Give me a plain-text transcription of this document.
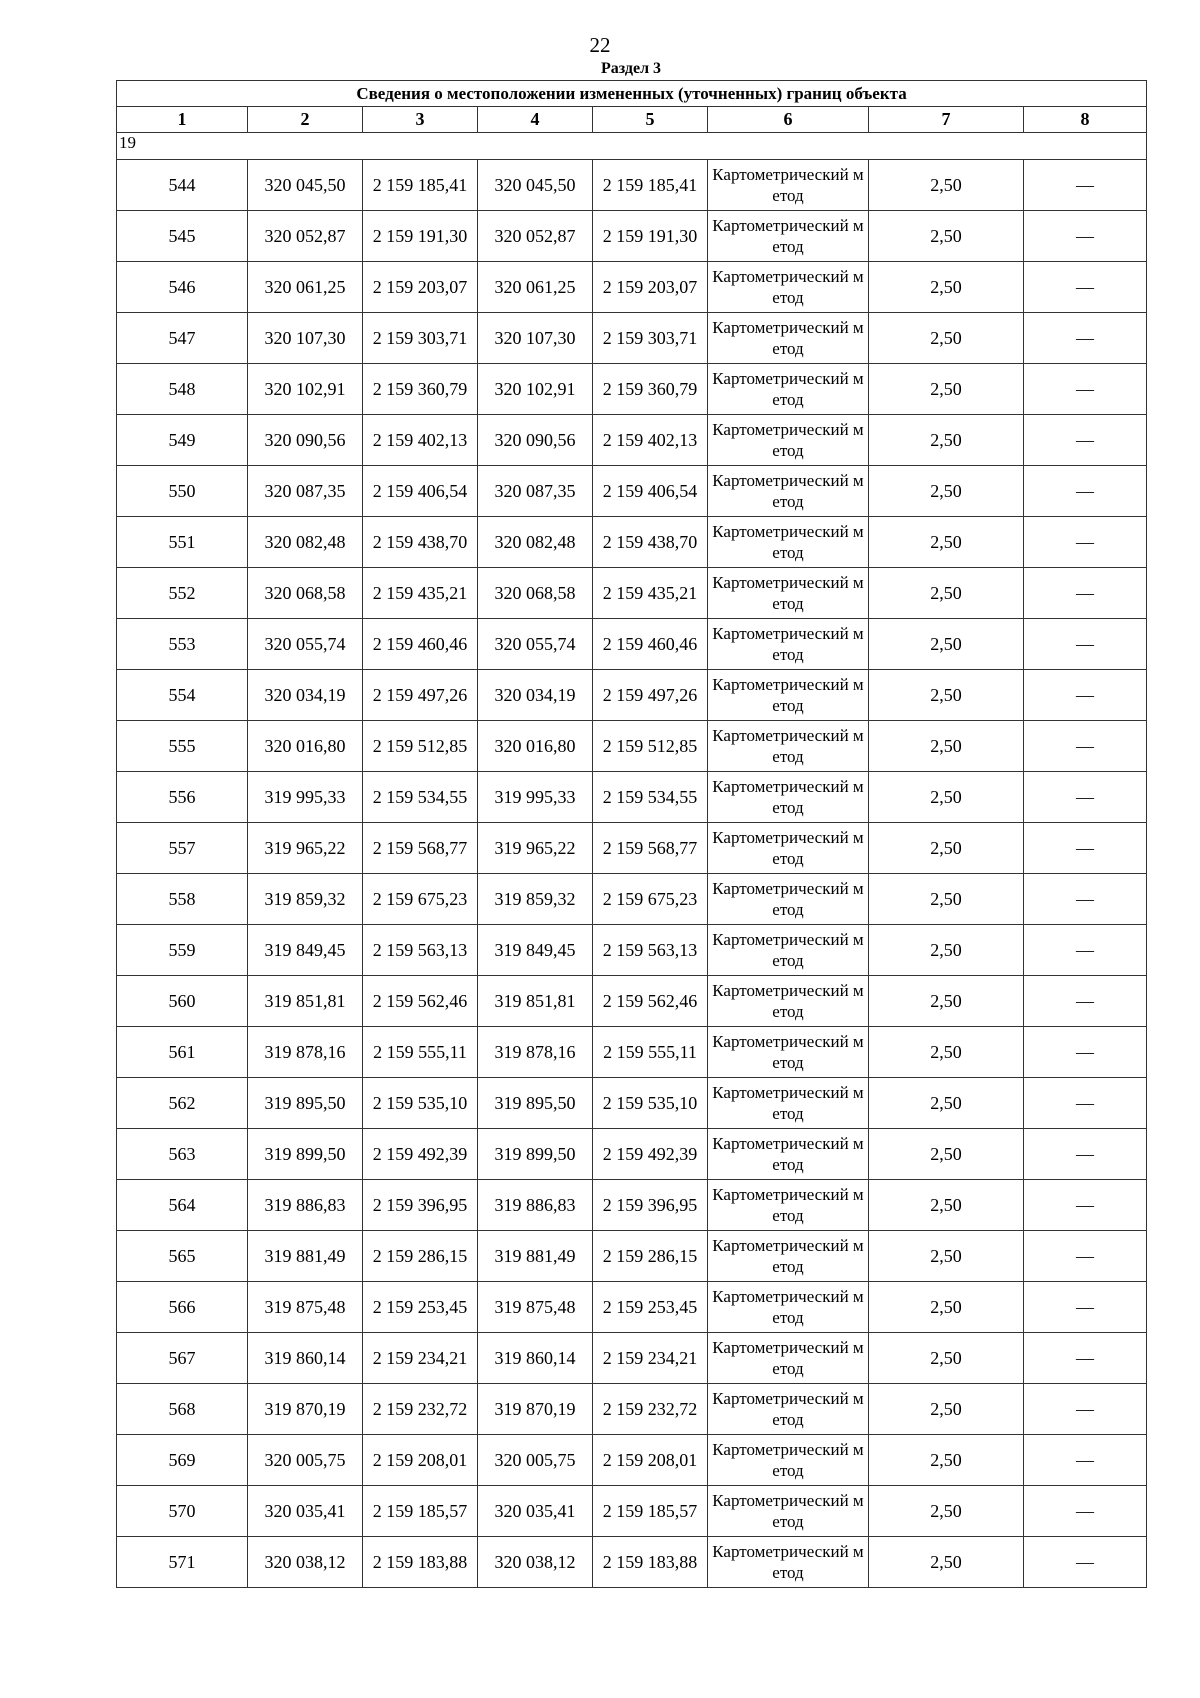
22
Раздел 3
Сведения о местоположении измененных (уточненных) границ объекта							
1	2	3	4	5	6	7	8
19							
544	320 045,50	2 159 185,41	320 045,50	2 159 185,41	Картометрический метод	2,50	—
545	320 052,87	2 159 191,30	320 052,87	2 159 191,30	Картометрический метод	2,50	—
546	320 061,25	2 159 203,07	320 061,25	2 159 203,07	Картометрический метод	2,50	—
547	320 107,30	2 159 303,71	320 107,30	2 159 303,71	Картометрический метод	2,50	—
548	320 102,91	2 159 360,79	320 102,91	2 159 360,79	Картометрический метод	2,50	—
549	320 090,56	2 159 402,13	320 090,56	2 159 402,13	Картометрический метод	2,50	—
550	320 087,35	2 159 406,54	320 087,35	2 159 406,54	Картометрический метод	2,50	—
551	320 082,48	2 159 438,70	320 082,48	2 159 438,70	Картометрический метод	2,50	—
552	320 068,58	2 159 435,21	320 068,58	2 159 435,21	Картометрический метод	2,50	—
553	320 055,74	2 159 460,46	320 055,74	2 159 460,46	Картометрический метод	2,50	—
554	320 034,19	2 159 497,26	320 034,19	2 159 497,26	Картометрический метод	2,50	—
555	320 016,80	2 159 512,85	320 016,80	2 159 512,85	Картометрический метод	2,50	—
556	319 995,33	2 159 534,55	319 995,33	2 159 534,55	Картометрический метод	2,50	—
557	319 965,22	2 159 568,77	319 965,22	2 159 568,77	Картометрический метод	2,50	—
558	319 859,32	2 159 675,23	319 859,32	2 159 675,23	Картометрический метод	2,50	—
559	319 849,45	2 159 563,13	319 849,45	2 159 563,13	Картометрический метод	2,50	—
560	319 851,81	2 159 562,46	319 851,81	2 159 562,46	Картометрический метод	2,50	—
561	319 878,16	2 159 555,11	319 878,16	2 159 555,11	Картометрический метод	2,50	—
562	319 895,50	2 159 535,10	319 895,50	2 159 535,10	Картометрический метод	2,50	—
563	319 899,50	2 159 492,39	319 899,50	2 159 492,39	Картометрический метод	2,50	—
564	319 886,83	2 159 396,95	319 886,83	2 159 396,95	Картометрический метод	2,50	—
565	319 881,49	2 159 286,15	319 881,49	2 159 286,15	Картометрический метод	2,50	—
566	319 875,48	2 159 253,45	319 875,48	2 159 253,45	Картометрический метод	2,50	—
567	319 860,14	2 159 234,21	319 860,14	2 159 234,21	Картометрический метод	2,50	—
568	319 870,19	2 159 232,72	319 870,19	2 159 232,72	Картометрический метод	2,50	—
569	320 005,75	2 159 208,01	320 005,75	2 159 208,01	Картометрический метод	2,50	—
570	320 035,41	2 159 185,57	320 035,41	2 159 185,57	Картометрический метод	2,50	—
571	320 038,12	2 159 183,88	320 038,12	2 159 183,88	Картометрический метод	2,50	—
